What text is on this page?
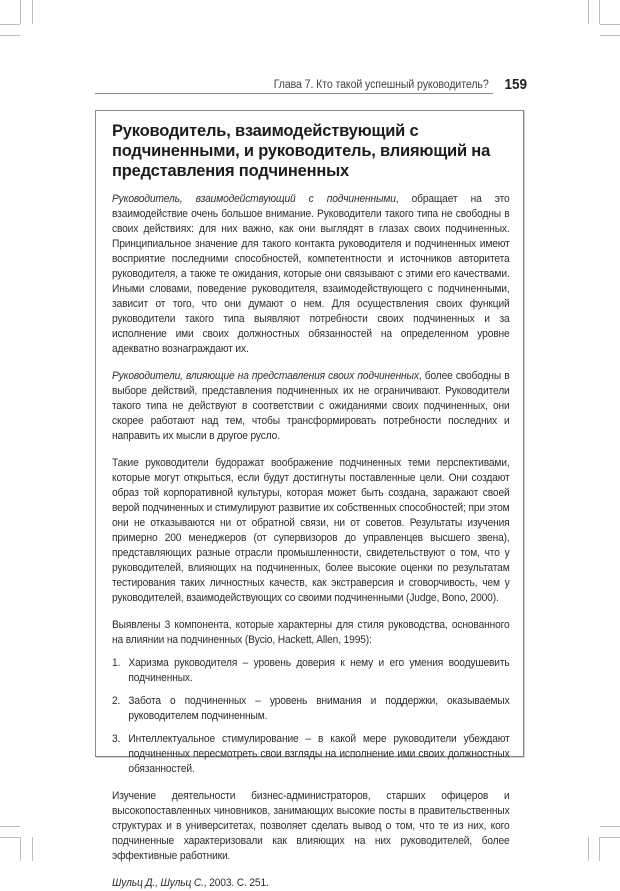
Глава 7. Кто такой успешный руководитель? 159
Руководитель, взаимодействующий с подчиненными, и руководитель, влияющий на представления подчиненных

Руководитель, взаимодействующий с подчиненными, обращает на это взаимодействие очень большое внимание. Руководители такого типа не свободны в своих действиях: для них важно, как они выглядят в глазах своих подчиненных. Принципиальное значение для такого контакта руководителя и подчиненных имеют восприятие последними способностей, компетентности и источников авторитета руководителя, а также те ожидания, которые они связывают с этими его качествами. Иными словами, поведение руководителя, взаимодействующего с подчиненными, зависит от того, что они думают о нем. Для осуществления своих функций руководители такого типа выявляют потребности своих подчиненных и за исполнение ими своих должностных обязанностей на определенном уровне адекватно вознаграждают их.

Руководители, влияющие на представления своих подчиненных, более свободны в выборе действий, представления подчиненных их не ограничивают. Руководители такого типа не действуют в соответствии с ожиданиями своих подчиненных, они скорее работают над тем, чтобы трансформировать потребности последних и направить их мысли в другое русло.

Такие руководители будоражат воображение подчиненных теми перспективами, которые могут открыться, если будут достигнуты поставленные цели. Они создают образ той корпоративной культуры, которая может быть создана, заражают своей верой подчиненных и стимулируют развитие их собственных способностей; при этом они не отказываются ни от обратной связи, ни от советов. Результаты изучения примерно 200 менеджеров (от супервизоров до управленцев высшего звена), представляющих разные отрасли промышленности, свидетельствуют о том, что у руководителей, влияющих на подчиненных, более высокие оценки по результатам тестирования таких личностных качеств, как экстраверсия и сговорчивость, чем у руководителей, взаимодействующих со своими подчиненными (Judge, Bono, 2000).

Выявлены 3 компонента, которые характерны для стиля руководства, основанного на влиянии на подчиненных (Bycio, Hackett, Allen, 1995):

1. Харизма руководителя – уровень доверия к нему и его умения воодушевить подчиненных.
2. Забота о подчиненных – уровень внимания и поддержки, оказываемых руководителем подчиненным.
3. Интеллектуальное стимулирование – в какой мере руководители убеждают подчиненных пересмотреть свои взгляды на исполнение ими своих должностных обязанностей.

Изучение деятельности бизнес-администраторов, старших офицеров и высокопоставленных чиновников, занимающих высокие посты в правительственных структурах и в университетах, позволяет сделать вывод о том, что те из них, кого подчиненные характеризовали как влияющих на них руководителей, более эффективные работники.

Шульц Д., Шульц С., 2003. С. 251.
